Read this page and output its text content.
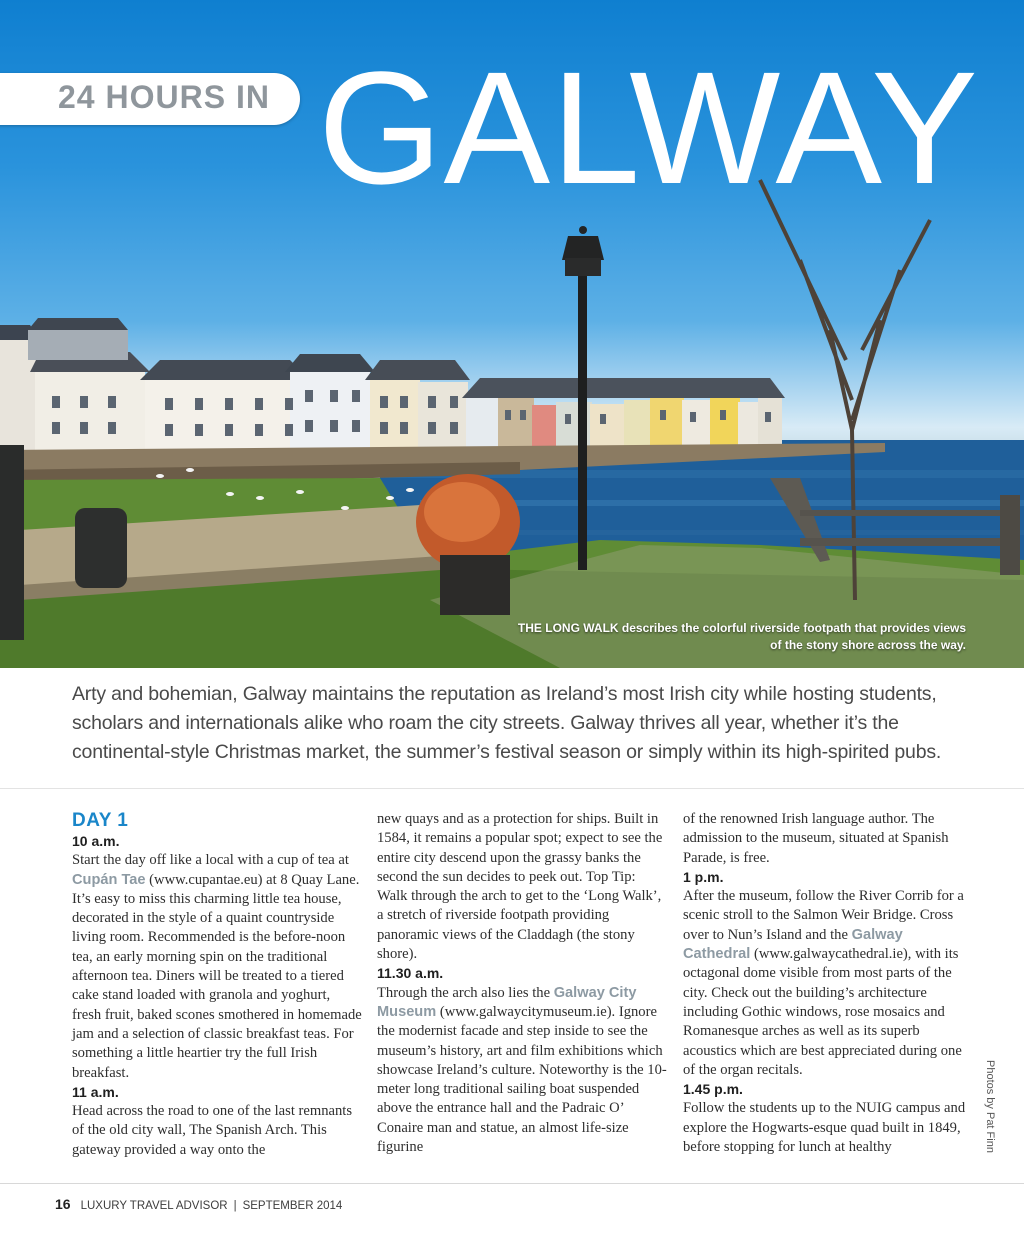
24 HOURS IN GALWAY
THE LONG WALK describes the colorful riverside footpath that provides views of the stony shore across the way.

Arty and bohemian, Galway maintains the reputation as Ireland’s most Irish city while hosting students, scholars and internationals alike who roam the city streets. Galway thrives all year, whether it’s the continental-style Christmas market, the summer’s festival season or simply within its high-spirited pubs.

DAY 1
10 a.m.

Start the day off like a local with a cup of tea at Cupán Tae (www.cupantae.eu) at 8 Quay Lane. It’s easy to miss this charming little tea house, decorated in the style of a quaint countryside living room. Recommended is the before-noon tea, an early morning spin on the traditional afternoon tea. Diners will be treated to a tiered cake stand loaded with granola and yoghurt, fresh fruit, baked scones smothered in homemade jam and a selection of classic breakfast teas. For something a little heartier try the full Irish breakfast.

11 a.m.

Head across the road to one of the last remnants of the old city wall, The Spanish Arch. This gateway provided a way onto the

new quays and as a protection for ships. Built in 1584, it remains a popular spot; expect to see the entire city descend upon the grassy banks the second the sun decides to peek out. Top Tip: Walk through the arch to get to the ‘Long Walk’, a stretch of riverside footpath providing panoramic views of the Claddagh (the stony shore).

11.30 a.m.

Through the arch also lies the Galway City Museum (www.galwaycitymuseum.ie). Ignore the modernist facade and step inside to see the museum’s history, art and film exhibitions which showcase Ireland’s culture. Noteworthy is the 10-meter long traditional sailing boat suspended above the entrance hall and the Padraic O’ Conaire man and statue, an almost life-size figurine

of the renowned Irish language author. The admission to the museum, situated at Spanish Parade, is free.

1 p.m.

After the museum, follow the River Corrib for a scenic stroll to the Salmon Weir Bridge. Cross over to Nun’s Island and the Galway Cathedral (www.galwaycathedral.ie), with its octagonal dome visible from most parts of the city. Check out the building’s architecture including Gothic windows, rose mosaics and Romanesque arches as well as its superb acoustics which are best appreciated during one of the organ recitals.

1.45 p.m.

Follow the students up to the NUIG campus and explore the Hogwarts-esque quad built in 1849, before stopping for lunch at healthy	Photos by Pat Finn
16 LUXURY TRAVEL ADVISOR | SEPTEMBER 2014
